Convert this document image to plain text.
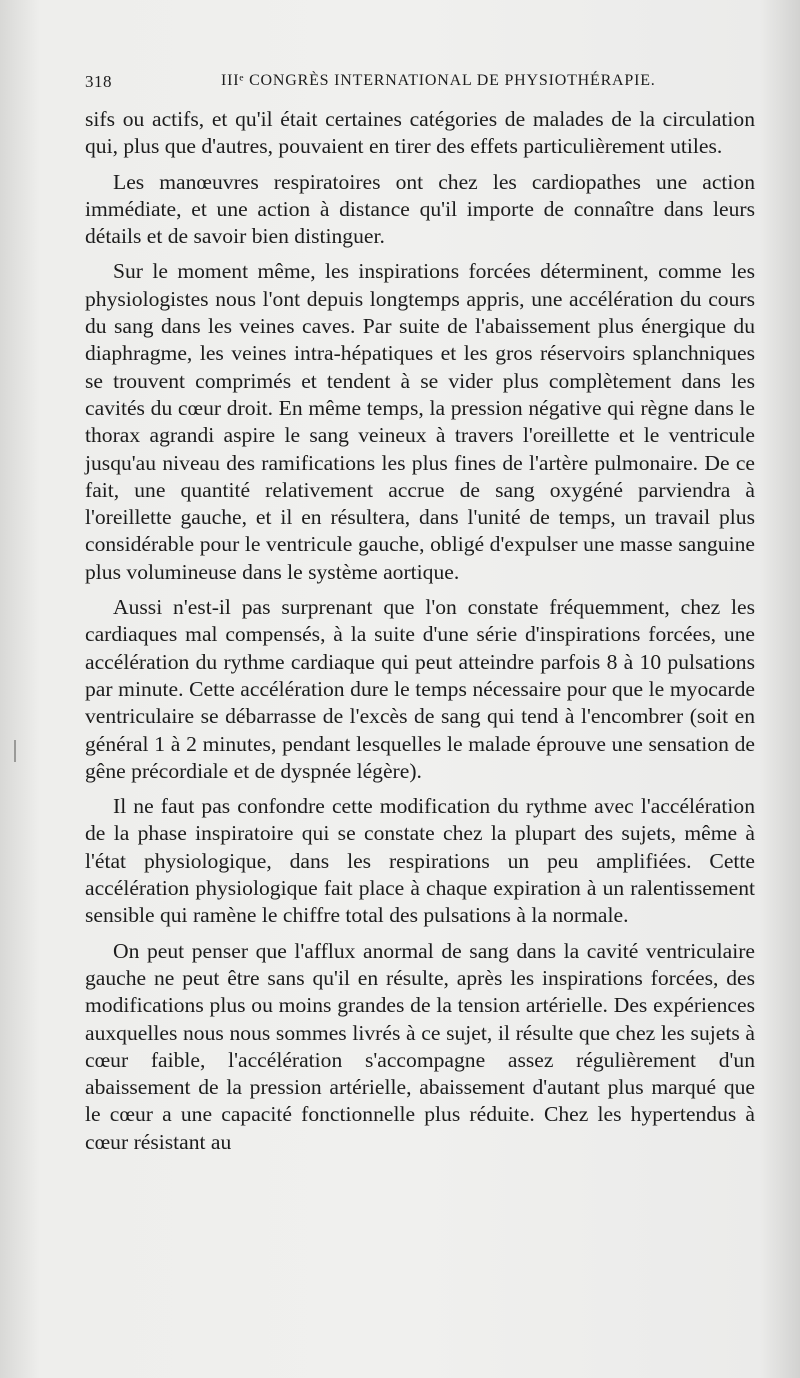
318	IIIᵉ CONGRÈS INTERNATIONAL DE PHYSIOTHÉRAPIE.

sifs ou actifs, et qu'il était certaines catégories de malades de la circulation qui, plus que d'autres, pouvaient en tirer des effets particulièrement utiles.

Les manœuvres respiratoires ont chez les cardiopathes une action immédiate, et une action à distance qu'il importe de connaître dans leurs détails et de savoir bien distinguer.

Sur le moment même, les inspirations forcées déterminent, comme les physiologistes nous l'ont depuis longtemps appris, une accélération du cours du sang dans les veines caves. Par suite de l'abaissement plus énergique du diaphragme, les veines intra-hépatiques et les gros réservoirs splanchniques se trouvent comprimés et tendent à se vider plus complètement dans les cavités du cœur droit. En même temps, la pression négative qui règne dans le thorax agrandi aspire le sang veineux à travers l'oreillette et le ventricule jusqu'au niveau des ramifications les plus fines de l'artère pulmonaire. De ce fait, une quantité relativement accrue de sang oxygéné parviendra à l'oreillette gauche, et il en résultera, dans l'unité de temps, un travail plus considérable pour le ventricule gauche, obligé d'expulser une masse sanguine plus volumineuse dans le système aortique.

Aussi n'est-il pas surprenant que l'on constate fréquemment, chez les cardiaques mal compensés, à la suite d'une série d'inspirations forcées, une accélération du rythme cardiaque qui peut atteindre parfois 8 à 10 pulsations par minute. Cette accélération dure le temps nécessaire pour que le myocarde ventriculaire se débarrasse de l'excès de sang qui tend à l'encombrer (soit en général 1 à 2 minutes, pendant lesquelles le malade éprouve une sensation de gêne précordiale et de dyspnée légère).

Il ne faut pas confondre cette modification du rythme avec l'accélération de la phase inspiratoire qui se constate chez la plupart des sujets, même à l'état physiologique, dans les respirations un peu amplifiées. Cette accélération physiologique fait place à chaque expiration à un ralentissement sensible qui ramène le chiffre total des pulsations à la normale.

On peut penser que l'afflux anormal de sang dans la cavité ventriculaire gauche ne peut être sans qu'il en résulte, après les inspirations forcées, des modifications plus ou moins grandes de la tension artérielle. Des expériences auxquelles nous nous sommes livrés à ce sujet, il résulte que chez les sujets à cœur faible, l'accélération s'accompagne assez régulièrement d'un abaissement de la pression artérielle, abaissement d'autant plus marqué que le cœur a une capacité fonctionnelle plus réduite. Chez les hypertendus à cœur résistant au
